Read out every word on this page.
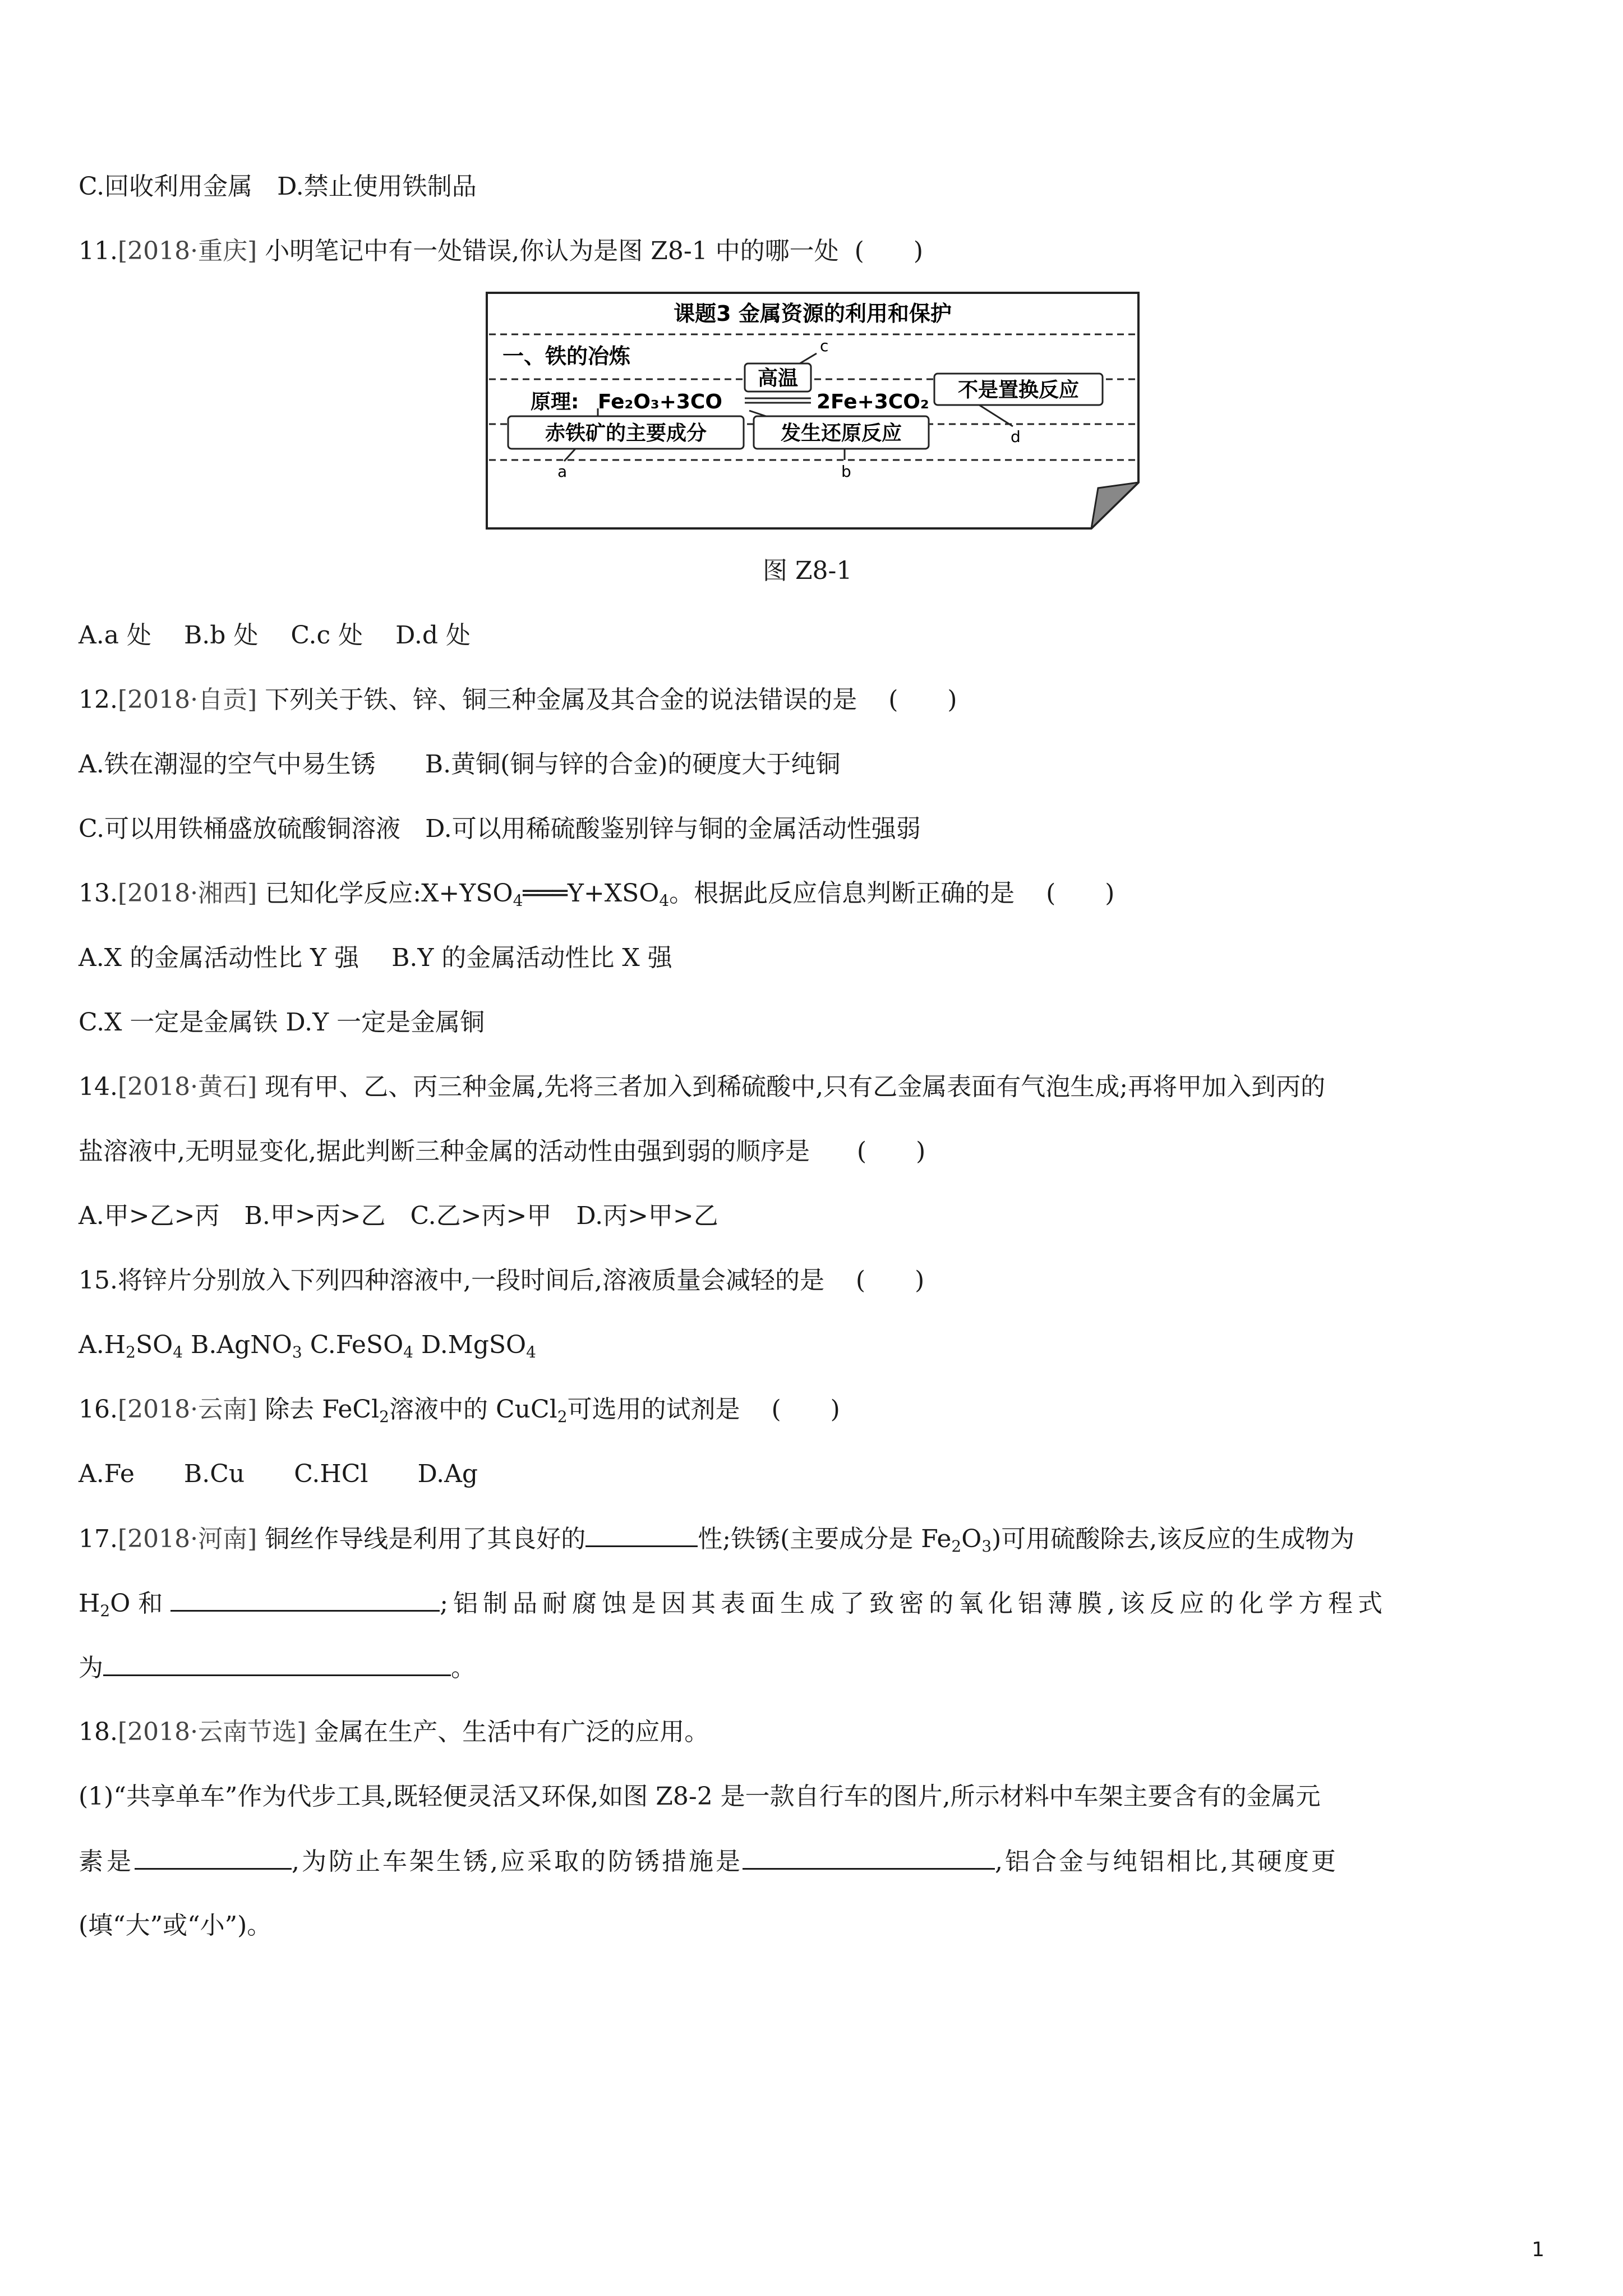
C.回收利用金属　D.禁止使用铁制品
11.[2018·重庆] 小明笔记中有一处错误,你认为是图 Z8-1 中的哪一处 (　　)
课题3 金属资源的利用和保护
一、铁的冶炼
原理: Fe₂O₃+3CO
高温
2Fe+3CO₂
c
不是置换反应
d
赤铁矿的主要成分
a
发生还原反应
b
图 Z8-1
A.a 处　 B.b 处　 C.c 处　 D.d 处
12.[2018·自贡] 下列关于铁、锌、铜三种金属及其合金的说法错误的是 (　　)
A.铁在潮湿的空气中易生锈　　B.黄铜(铜与锌的合金)的硬度大于纯铜
C.可以用铁桶盛放硫酸铜溶液　D.可以用稀硫酸鉴别锌与铜的金属活动性强弱
13.[2018·湘西] 已知化学反应$:X+YSO_4═══Y+XSO_4$。根据此反应信息判断正确的是 (　　)
A.X 的金属活动性比 Y 强　 B.Y 的金属活动性比 X 强
C.X 一定是金属铁 D.Y 一定是金属铜
14.[2018·黄石] 现有甲、乙、丙三种金属,先将三者加入到稀硫酸中,只有乙金属表面有气泡生成;再将甲加入到丙的
盐溶液中,无明显变化,据此判断三种金属的活动性由强到弱的顺序是 (　　)
A.甲>乙>丙　B.甲>丙>乙　C.乙>丙>甲　D.丙>甲>乙
15.将锌片分别放入下列四种溶液中,一段时间后,溶液质量会减轻的是 (　　)
$A.H_2SO_4$ B.AgNO$_3$ C.FeSO$_4$ D.MgSO$_4$
16.[2018·云南] 除去 FeCl$_2$溶液中的 CuCl$_2$可选用的试剂是 (　　)
A.Fe　　B.Cu　　C.HCl　　D.Ag
17.[2018·河南] 铜丝作导线是利用了其良好的	性;铁锈(主要成分是 $Fe_2O_3$)可用硫酸除去,该反应的生成物为
$H_2O$ 和	;铝制品耐腐蚀是因其表面生成了致密的氧化铝薄膜,该反应的化学方程式
为	。
18.[2018·云南节选] 金属在生产、生活中有广泛的应用。
(1)“共享单车”作为代步工具,既轻便灵活又环保,如图 Z8-2 是一款自行车的图片,所示材料中车架主要含有的金属元
素是	,为防止车架生锈,应采取的防锈措施是	,铝合金与纯铝相比,其硬度更
(填“大”或“小”)。
1
